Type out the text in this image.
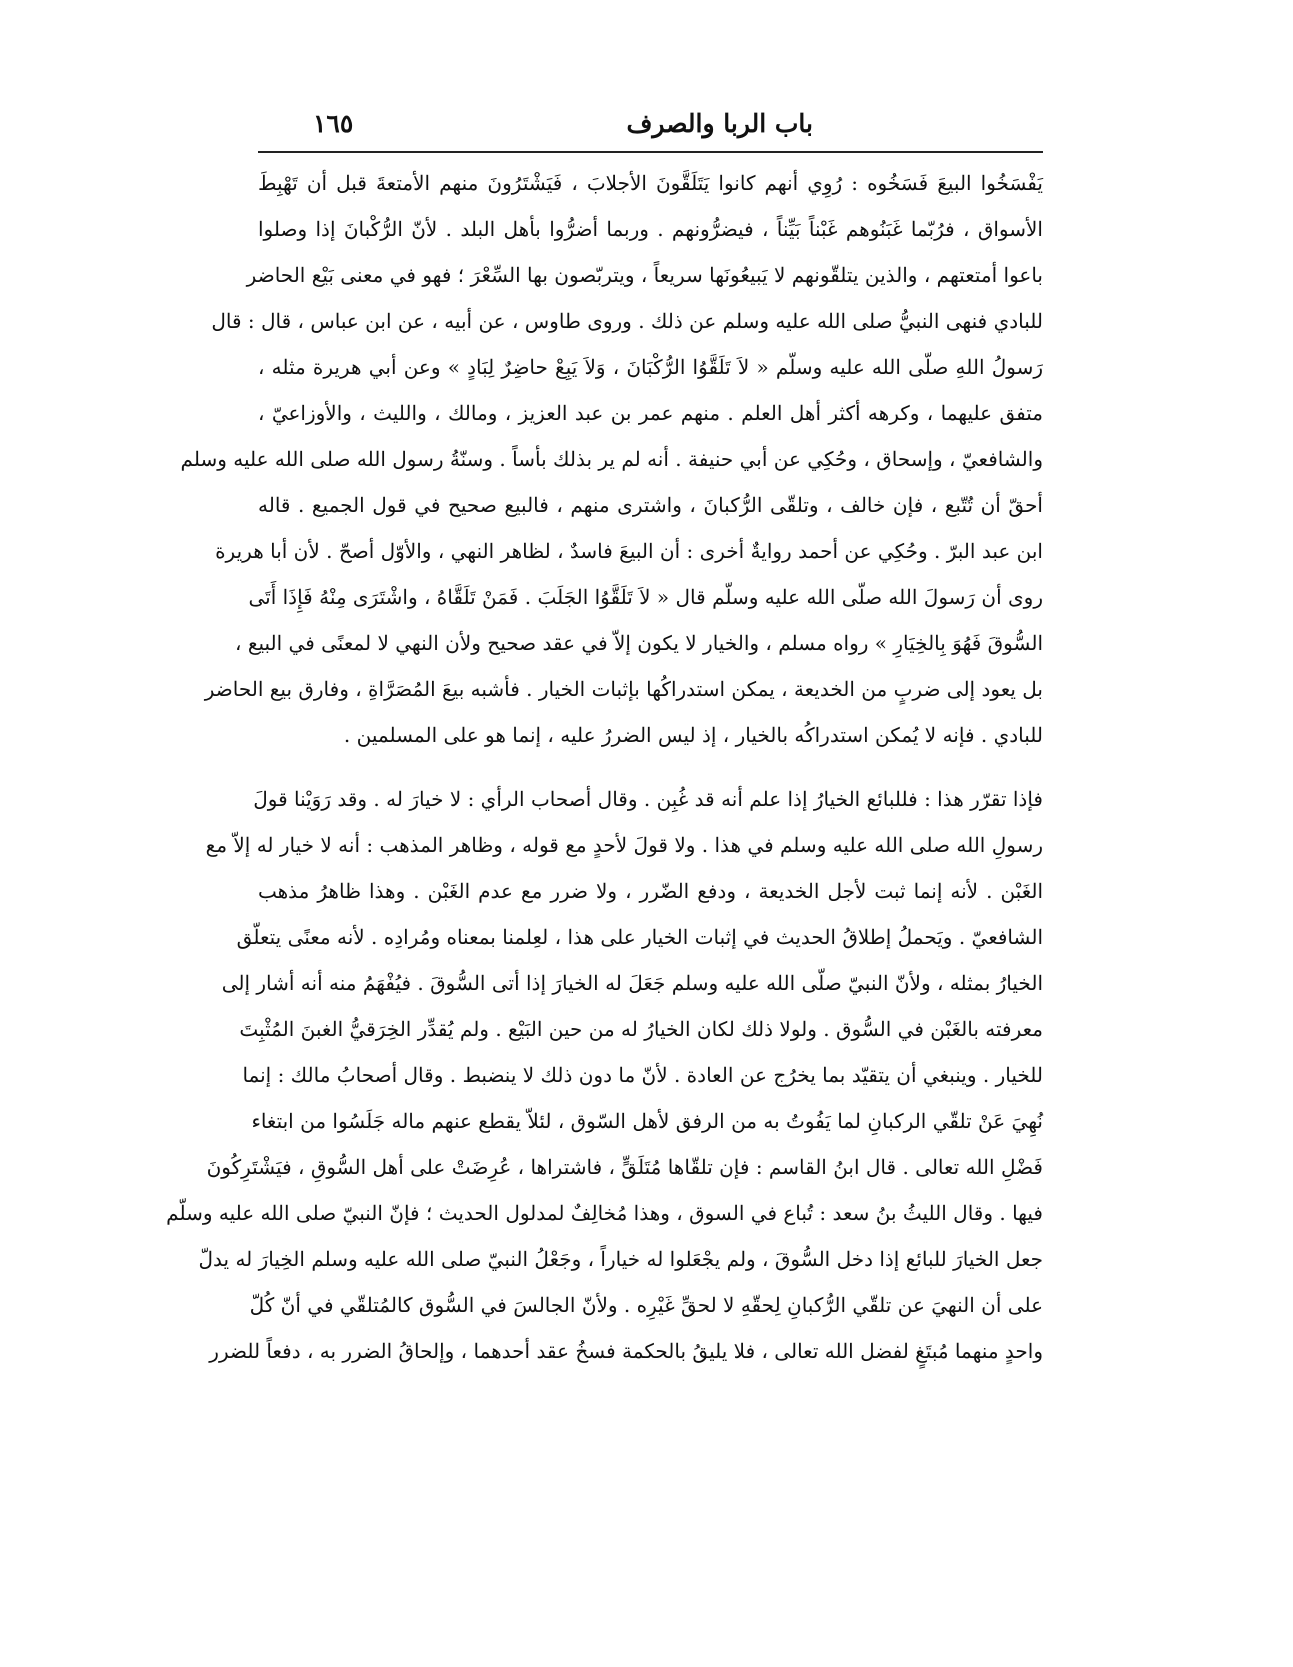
باب الربا والصرف
١٦٥
يَفْسَخُوا البيعَ فَسَخُوه : رُوِي أنهم كانوا يَتَلَقَّونَ الأجلابَ ، فَيَشْتَرُونَ منهم الأمتعةَ قبل أن تَهْبِطَ
الأسواق ، فرُبّما غَبَنُوهم غَبْناً بَيِّناً ، فيضرُّونهم . وربما أضرُّوا بأهل البلد . لأنّ الرُّكْبانَ إذا وصلوا
باعوا أمتعتهم ، والذين يتلقّونهم لا يَبيعُونَها سريعاً ، ويتربّصون بها السِّعْرَ ؛ فهو في معنى بَيْع الحاضر
للبادي فنهى النبيُّ صلى الله عليه وسلم عن ذلك . وروى طاوس ، عن أبيه ، عن ابن عباس ، قال : قال
رَسولُ اللهِ صلّى الله عليه وسلّم « لاَ تَلَقَّوُا الرُّكْبَانَ ، وَلاَ يَبِعْ حاضِرٌ لِبَادٍ » وعن أبي هريرة مثله ،
متفق عليهما ، وكرهه أكثر أهل العلم . منهم عمر بن عبد العزيز ، ومالك ، والليث ، والأوزاعيّ ،
والشافعيّ ، وإسحاق ، وحُكِي عن أبي حنيفة . أنه لم ير بذلك بأساً . وسنّةُ رسول الله صلى الله عليه وسلم
أحقّ أن تُتّبع ، فإن خالف ، وتلقّى الرُّكبانَ ، واشترى منهم ، فالبيع صحيح في قول الجميع . قاله
ابن عبد البرّ . وحُكِي عن أحمد روايةٌ أخرى : أن البيعَ فاسدٌ ، لظاهر النهي ، والأوّل أصحّ . لأن أبا هريرة
روى أن رَسولَ الله صلّى الله عليه وسلّم قال « لاَ تَلَقَّوُا الجَلَبَ . فَمَنْ تَلَقَّاهُ ، واشْتَرَى مِنْهُ فَإِذَا أَتَى
السُّوقَ فَهُوَ بِالخِيَارِ » رواه مسلم ، والخيار لا يكون إلاّ في عقد صحيح ولأن النهي لا لمعنًى في البيع ،
بل يعود إلى ضربٍ من الخديعة ، يمكن استدراكُها بإثبات الخيار . فأشبه بيعَ المُصَرَّاةِ ، وفارق بيع الحاضر
للبادي . فإنه لا يُمكن استدراكُه بالخيار ، إذ ليس الضررُ عليه ، إنما هو على المسلمين .
فإذا تقرّر هذا : فللبائع الخيارُ إذا علم أنه قد غُبِن . وقال أصحاب الرأي : لا خيارَ له . وقد رَوَيْنا قولَ
رسولِ الله صلى الله عليه وسلم في هذا . ولا قولَ لأحدٍ مع قوله ، وظاهر المذهب : أنه لا خيار له إلاّ مع
الغَبْن . لأنه إنما ثبت لأجل الخديعة ، ودفع الضّرر ، ولا ضرر مع عدم الغَبْن . وهذا ظاهرُ مذهب
الشافعيّ . ويَحملُ إطلاقُ الحديث في إثبات الخيار على هذا ، لعِلمنا بمعناه ومُرادِه . لأنه معنًى يتعلّق
الخيارُ بمثله ، ولأنّ النبيّ صلّى الله عليه وسلم جَعَلَ له الخيارَ إذا أتى السُّوقَ . فيُفْهَمُ منه أنه أشار إلى
معرفته بالغَبْن في السُّوق . ولولا ذلك لكان الخيارُ له من حين البَيْع . ولم يُقدِّر الخِرَقيُّ الغبنَ المُثْبِتَ
للخيار . وينبغي أن يتقيّد بما يخرُج عن العادة . لأنّ ما دون ذلك لا ينضبط . وقال أصحابُ مالك : إنما
نُهِيَ عَنْ تلقّي الركبانِ لما يَفُوتُ به من الرفق لأهل السّوق ، لئلاّ يقطع عنهم ماله جَلَسُوا من ابتغاء
فَضْلِ الله تعالى . قال ابنُ القاسم : فإن تلقّاها مُتَلَقٍّ ، فاشتراها ، عُرِضَتْ على أهل السُّوقِ ، فيَشْتَرِكُونَ
فيها . وقال الليثُ بنُ سعد : تُباع في السوق ، وهذا مُخالِفٌ لمدلول الحديث ؛ فإنّ النبيّ صلى الله عليه وسلّم
جعل الخيارَ للبائع إذا دخل السُّوقَ ، ولم يجْعَلوا له خياراً ، وجَعْلُ النبيّ صلى الله عليه وسلم الخِيارَ له يدلّ
على أن النهيَ عن تلقّي الرُّكبانِ لِحقّهِ لا لحقِّ غَيْرِه . ولأنّ الجالسَ في السُّوق كالمُتلقّي في أنّ كُلّ
واحدٍ منهما مُبتَغٍ لفضل الله تعالى ، فلا يليقُ بالحكمة فسخُ عقد أحدهما ، وإلحاقُ الضرر به ، دفعاً للضرر
